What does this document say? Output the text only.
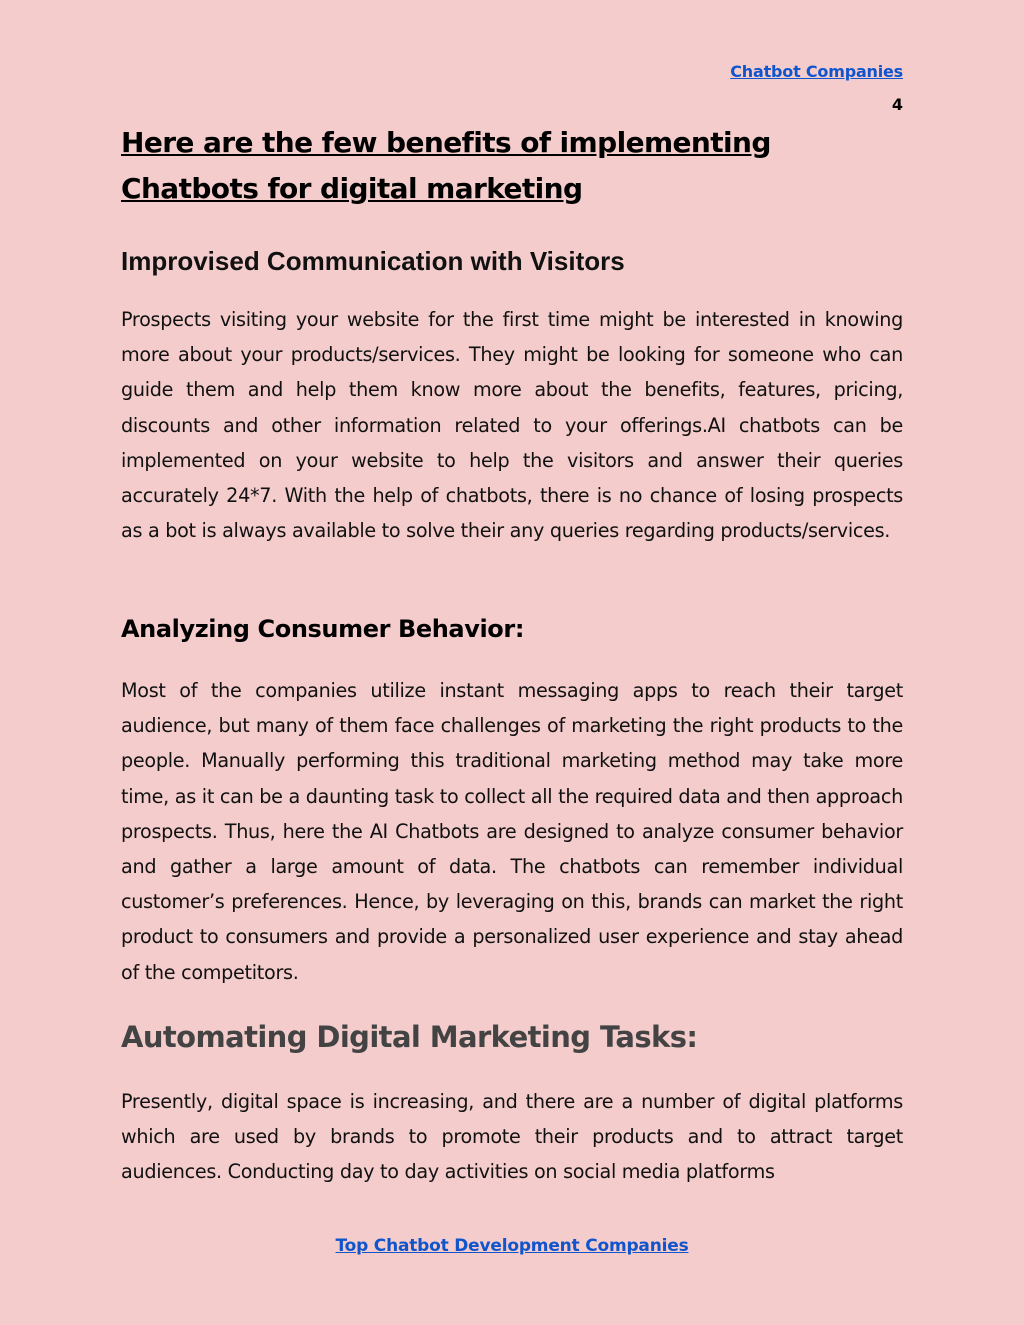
Chatbot Companies
4
Here are the few benefits of implementing Chatbots for digital marketing
Improvised Communication with Visitors

Prospects visiting your website for the first time might be interested in knowing more about your products/services. They might be looking for someone who can guide them and help them know more about the benefits, features, pricing, discounts and other information related to your offerings.AI chatbots can be implemented on your website to help the visitors and answer their queries accurately 24*7. With the help of chatbots, there is no chance of losing prospects as a bot is always available to solve their any queries regarding products/services.

Analyzing Consumer Behavior:

Most of the companies utilize instant messaging apps to reach their target audience, but many of them face challenges of marketing the right products to the people. Manually performing this traditional marketing method may take more time, as it can be a daunting task to collect all the required data and then approach prospects. Thus, here the AI Chatbots are designed to analyze consumer behavior and gather a large amount of data. The chatbots can remember individual customer’s preferences. Hence, by leveraging on this, brands can market the right product to consumers and provide a personalized user experience and stay ahead of the competitors.

Automating Digital Marketing Tasks:

Presently, digital space is increasing, and there are a number of digital platforms which are used by brands to promote their products and to attract target audiences. Conducting day to day activities on social media platforms

Top Chatbot Development Companies
